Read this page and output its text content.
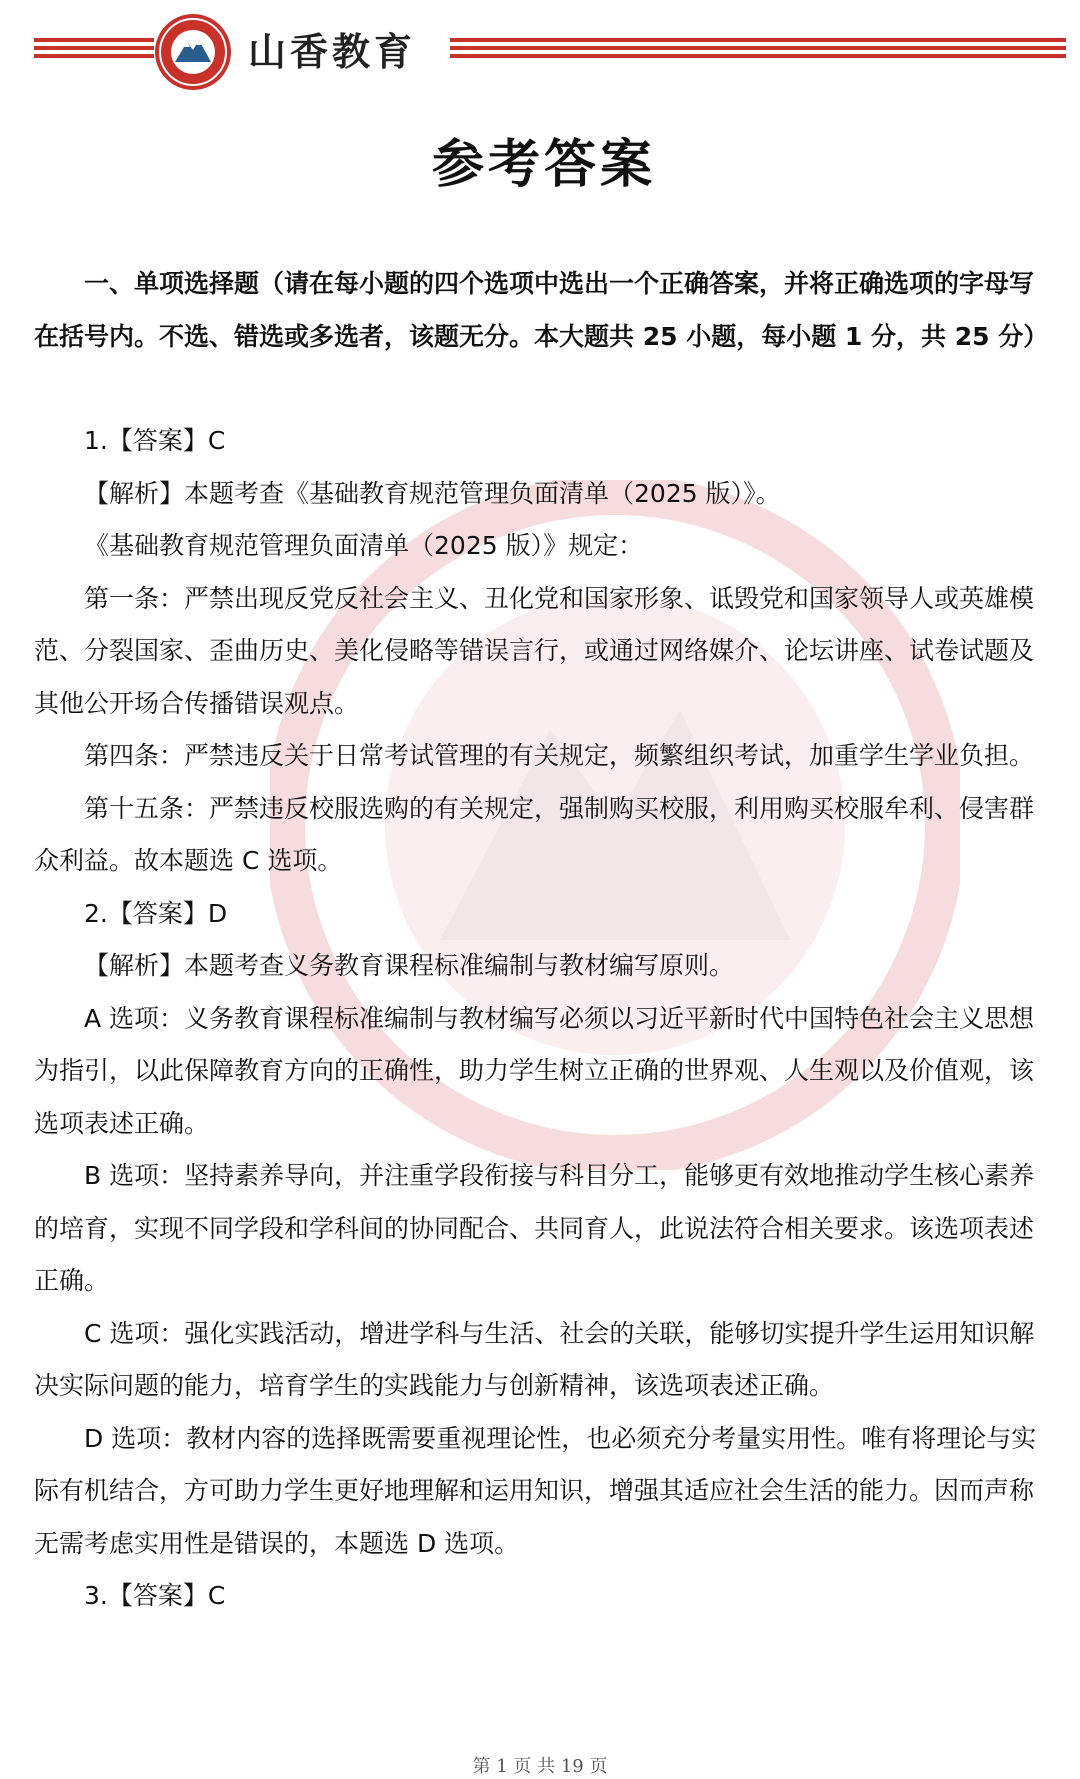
山香教育
参考答案
一、单项选择题（请在每小题的四个选项中选出一个正确答案，并将正确选项的字母写在括号内。不选、错选或多选者，该题无分。本大题共 25 小题，每小题 1 分，共 25 分）

1.【答案】C

【解析】本题考查《基础教育规范管理负面清单（2025 版）》。

《基础教育规范管理负面清单（2025 版）》规定：

第一条：严禁出现反党反社会主义、丑化党和国家形象、诋毁党和国家领导人或英雄模范、分裂国家、歪曲历史、美化侵略等错误言行，或通过网络媒介、论坛讲座、试卷试题及其他公开场合传播错误观点。

第四条：严禁违反关于日常考试管理的有关规定，频繁组织考试，加重学生学业负担。

第十五条：严禁违反校服选购的有关规定，强制购买校服，利用购买校服牟利、侵害群众利益。故本题选 C 选项。

2.【答案】D

【解析】本题考查义务教育课程标准编制与教材编写原则。

A 选项：义务教育课程标准编制与教材编写必须以习近平新时代中国特色社会主义思想为指引，以此保障教育方向的正确性，助力学生树立正确的世界观、人生观以及价值观，该选项表述正确。

B 选项：坚持素养导向，并注重学段衔接与科目分工，能够更有效地推动学生核心素养的培育，实现不同学段和学科间的协同配合、共同育人，此说法符合相关要求。该选项表述正确。

C 选项：强化实践活动，增进学科与生活、社会的关联，能够切实提升学生运用知识解决实际问题的能力，培育学生的实践能力与创新精神，该选项表述正确。

D 选项：教材内容的选择既需要重视理论性，也必须充分考量实用性。唯有将理论与实际有机结合，方可助力学生更好地理解和运用知识，增强其适应社会生活的能力。因而声称无需考虑实用性是错误的，本题选 D 选项。

3.【答案】C

第 1 页 共 19 页
